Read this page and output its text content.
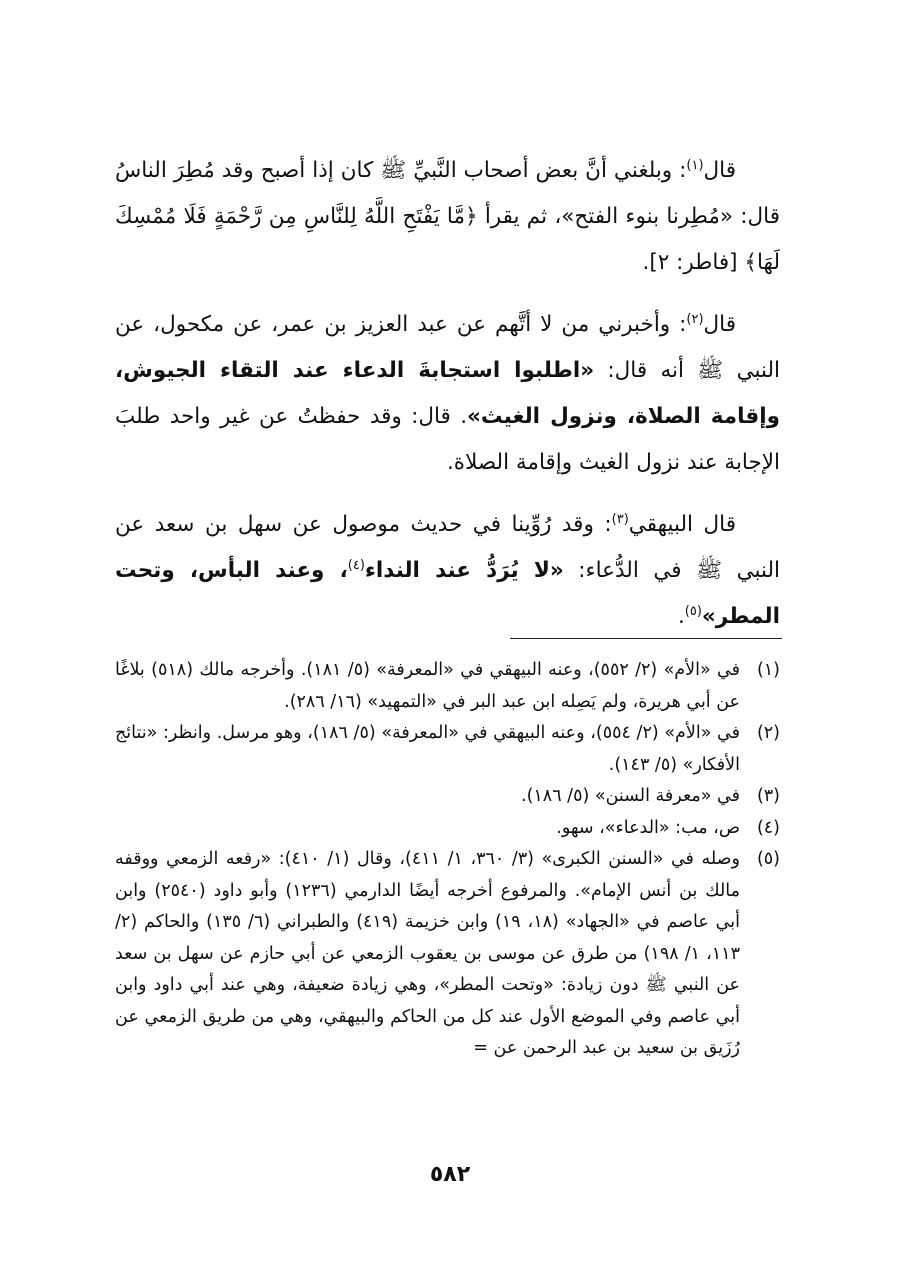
قال$^{(١)}$: وبلغني أنَّ بعض أصحاب النَّبيِّ ﷺ كان إذا أصبح وقد مُطِرَ الناسُ قال: «مُطِرنا بنوء الفتح»، ثم يقرأ ﴿مَّا يَفْتَحِ اللَّهُ لِلنَّاسِ مِن رَّحْمَةٍ فَلَا مُمْسِكَ لَهَا﴾ [فاطر: ٢].

قال$^{(٢)}$: وأخبرني من لا أتَّهم عن عبد العزيز بن عمر، عن مكحول، عن النبي ﷺ أنه قال: «اطلبوا استجابةَ الدعاء عند التقاء الجيوش، وإقامة الصلاة، ونزول الغيث». قال: وقد حفظتُ عن غير واحد طلبَ الإجابة عند نزول الغيث وإقامة الصلاة.

قال البيهقي$^{(٣)}$: وقد رُوِّينا في حديث موصول عن سهل بن سعد عن النبي ﷺ في الدُّعاء: «لا يُرَدُّ عند النداء$^{(٤)}$، وعند البأس، وتحت المطر»$^{(٥)}$.

(١)
في «الأم» (٢/ ٥٥٢)، وعنه البيهقي في «المعرفة» (٥/ ١٨١). وأخرجه مالك (٥١٨) بلاغًا عن أبي هريرة، ولم يَصِله ابن عبد البر في «التمهيد» (١٦/ ٢٨٦).
(٢)
في «الأم» (٢/ ٥٥٤)، وعنه البيهقي في «المعرفة» (٥/ ١٨٦)، وهو مرسل. وانظر: «نتائج الأفكار» (٥/ ١٤٣).
(٣)
في «معرفة السنن» (٥/ ١٨٦).
(٤)
ص، مب: «الدعاء»، سهو.
(٥)
وصله في «السنن الكبرى» (٣/ ٣٦٠، ١/ ٤١١)، وقال (١/ ٤١٠): «رفعه الزمعي ووقفه مالك بن أنس الإمام». والمرفوع أخرجه أيضًا الدارمي (١٢٣٦) وأبو داود (٢٥٤٠) وابن أبي عاصم في «الجهاد» (١٨، ١٩) وابن خزيمة (٤١٩) والطبراني (٦/ ١٣٥) والحاكم (٢/ ١١٣، ١/ ١٩٨) من طرق عن موسى بن يعقوب الزمعي عن أبي حازم عن سهل بن سعد عن النبي ﷺ دون زيادة: «وتحت المطر»، وهي زيادة ضعيفة، وهي عند أبي داود وابن أبي عاصم وفي الموضع الأول عند كل من الحاكم والبيهقي، وهي من طريق الزمعي عن رُزَيق بن سعيد بن عبد الرحمن عن =
٥٨٢
